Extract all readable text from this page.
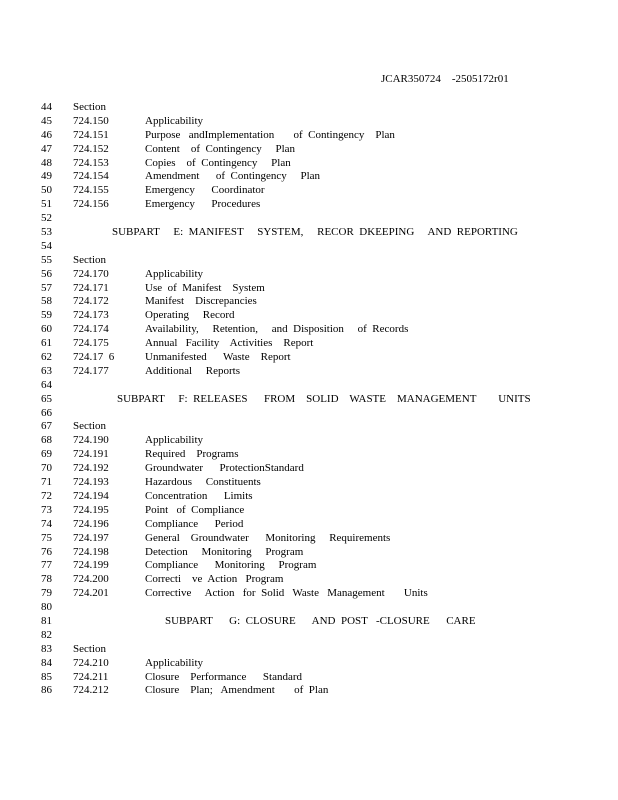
JCAR350724    -2505172r01
44 Section
45 724.150	Applicability
46 724.151	Purpose   andImplementation       of  Contingency    Plan
47 724.152	Content    of  Contingency     Plan
48 724.153	Copies    of  Contingency     Plan
49 724.154	Amendment      of  Contingency     Plan
50 724.155	Emergency      Coordinator
51 724.156	Emergency      Procedures
52
53	SUBPART     E:  MANIFEST     SYSTEM,     RECOR  DKEEPING     AND  REPORTING
54
55 Section
56 724.170	Applicability
57 724.171	Use  of  Manifest    System
58 724.172	Manifest    Discrepancies
59 724.173	Operating     Record
60 724.174	Availability,     Retention,     and  Disposition     of  Records
61 724.175	Annual   Facility    Activities    Report
62 724.17  6	Unmanifested      Waste    Report
63 724.177	Additional     Reports
64
65	SUBPART     F:  RELEASES      FROM    SOLID    WASTE    MANAGEMENT        UNITS
66
67 Section
68 724.190	Applicability
69 724.191	Required    Programs
70 724.192	Groundwater      ProtectionStandard
71 724.193	Hazardous     Constituents
72 724.194	Concentration      Limits
73 724.195	Point   of  Compliance
74 724.196	Compliance      Period
75 724.197	General    Groundwater      Monitoring     Requirements
76 724.198	Detection     Monitoring     Program
77 724.199	Compliance      Monitoring     Program
78 724.200	Correcti    ve  Action   Program
79 724.201	Corrective     Action   for  Solid   Waste   Management       Units
80
81	SUBPART      G:  CLOSURE      AND  POST   -CLOSURE      CARE
82
83 Section
84 724.210	Applicability
85 724.211	Closure    Performance      Standard
86 724.212	Closure    Plan;   Amendment       of  Plan
